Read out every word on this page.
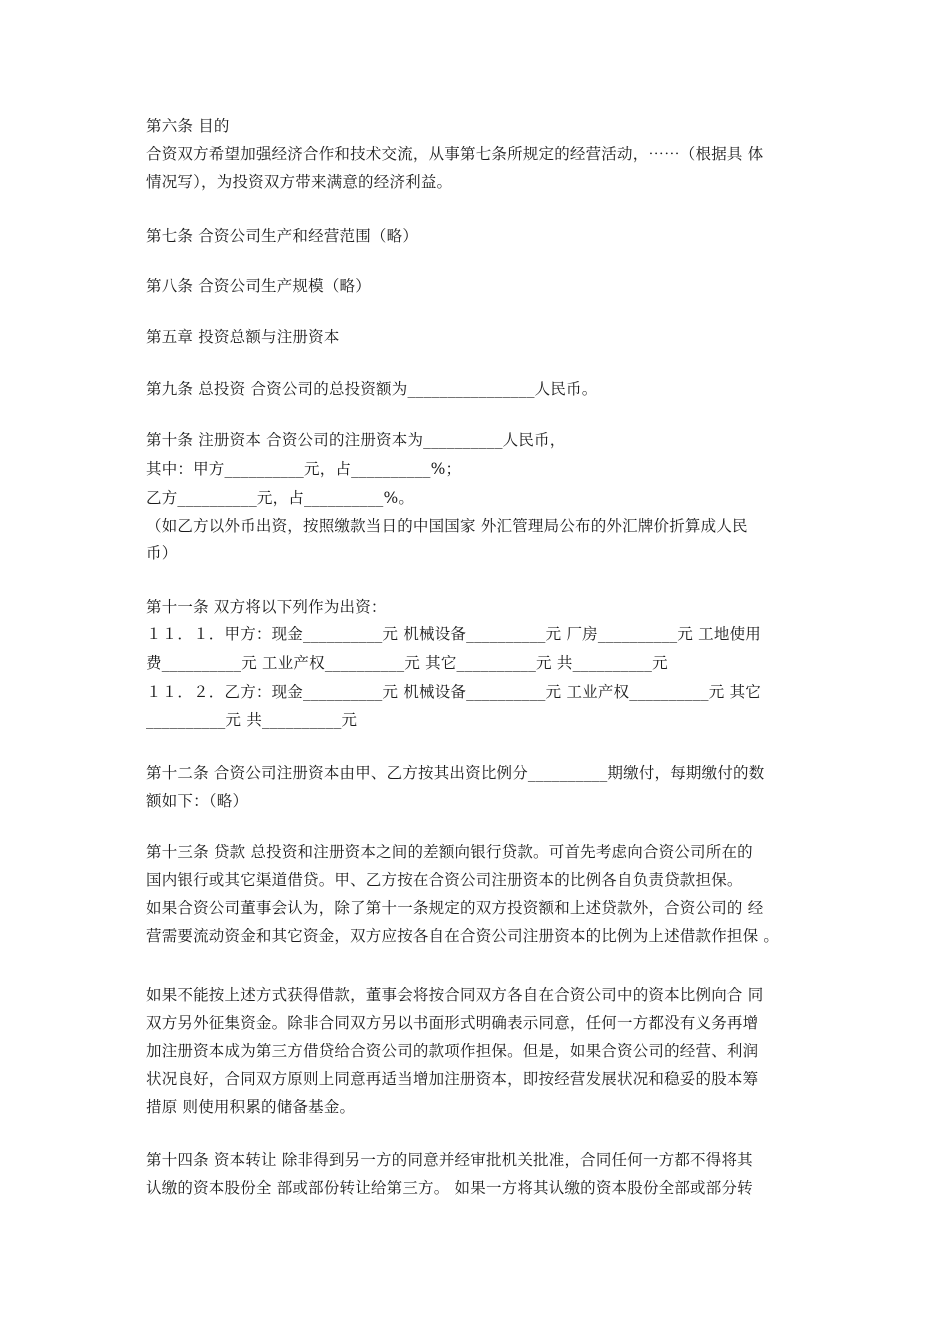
第六条 目的
合资双方希望加强经济合作和技术交流，从事第七条所规定的经营活动，⋯⋯（根据具 体
情况写），为投资双方带来满意的经济利益。
第七条 合资公司生产和经营范围（略）
第八条 合资公司生产规模（略）
第五章 投资总额与注册资本
第九条 总投资 合资公司的总投资额为________________人民币。
第十条 注册资本 合资公司的注册资本为__________人民币，
其中：甲方__________元，占__________%；
乙方__________元，占__________%。
（如乙方以外币出资，按照缴款当日的中国国家 外汇管理局公布的外汇牌价折算成人民
币）
第十一条 双方将以下列作为出资：
１１．１．甲方：现金__________元 机械设备__________元 厂房__________元 工地使用
费__________元 工业产权__________元 其它__________元 共__________元
１１．２．乙方：现金__________元 机械设备__________元 工业产权__________元 其它
__________元 共__________元
第十二条 合资公司注册资本由甲、乙方按其出资比例分__________期缴付，每期缴付的数
额如下：（略）
第十三条 贷款 总投资和注册资本之间的差额向银行贷款。可首先考虑向合资公司所在的
国内银行或其它渠道借贷。甲、乙方按在合资公司注册资本的比例各自负责贷款担保。
如果合资公司董事会认为，除了第十一条规定的双方投资额和上述贷款外，合资公司的 经
营需要流动资金和其它资金，双方应按各自在合资公司注册资本的比例为上述借款作担保 。
如果不能按上述方式获得借款，董事会将按合同双方各自在合资公司中的资本比例向合 同
双方另外征集资金。除非合同双方另以书面形式明确表示同意，任何一方都没有义务再增
加注册资本成为第三方借贷给合资公司的款项作担保。但是，如果合资公司的经营、利润
状况良好，合同双方原则上同意再适当增加注册资本，即按经营发展状况和稳妥的股本筹
措原 则使用积累的储备基金。
第十四条 资本转让 除非得到另一方的同意并经审批机关批准，合同任何一方都不得将其
认缴的资本股份全 部或部份转让给第三方。 如果一方将其认缴的资本股份全部或部分转
